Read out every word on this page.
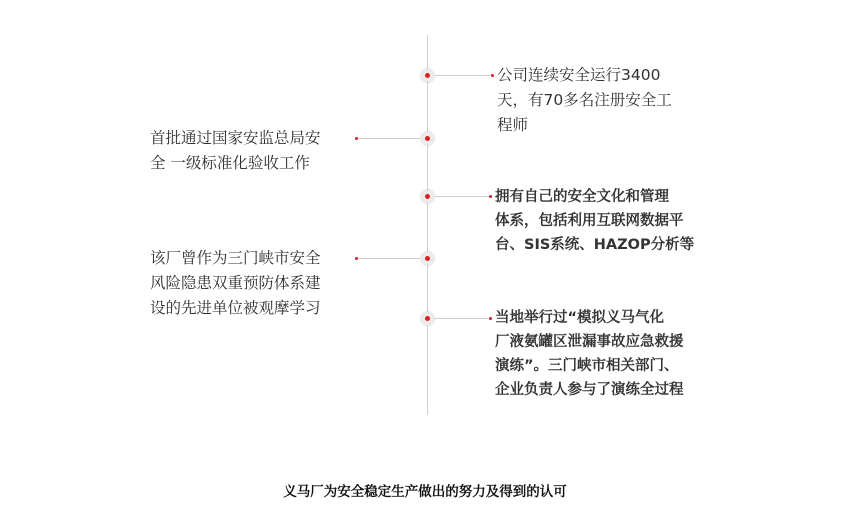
公司连续安全运行3400
天，有70多名注册安全工
程师
首批通过国家安监总局安
全 一级标准化验收工作
拥有自己的安全文化和管理
体系，包括利用互联网数据平
台、SIS系统、HAZOP分析等
该厂曾作为三门峡市安全
风险隐患双重预防体系建
设的先进单位被观摩学习
当地举行过“模拟义马气化
厂液氨罐区泄漏事故应急救援
演练”。三门峡市相关部门、
企业负责人参与了演练全过程
义马厂为安全稳定生产做出的努力及得到的认可
